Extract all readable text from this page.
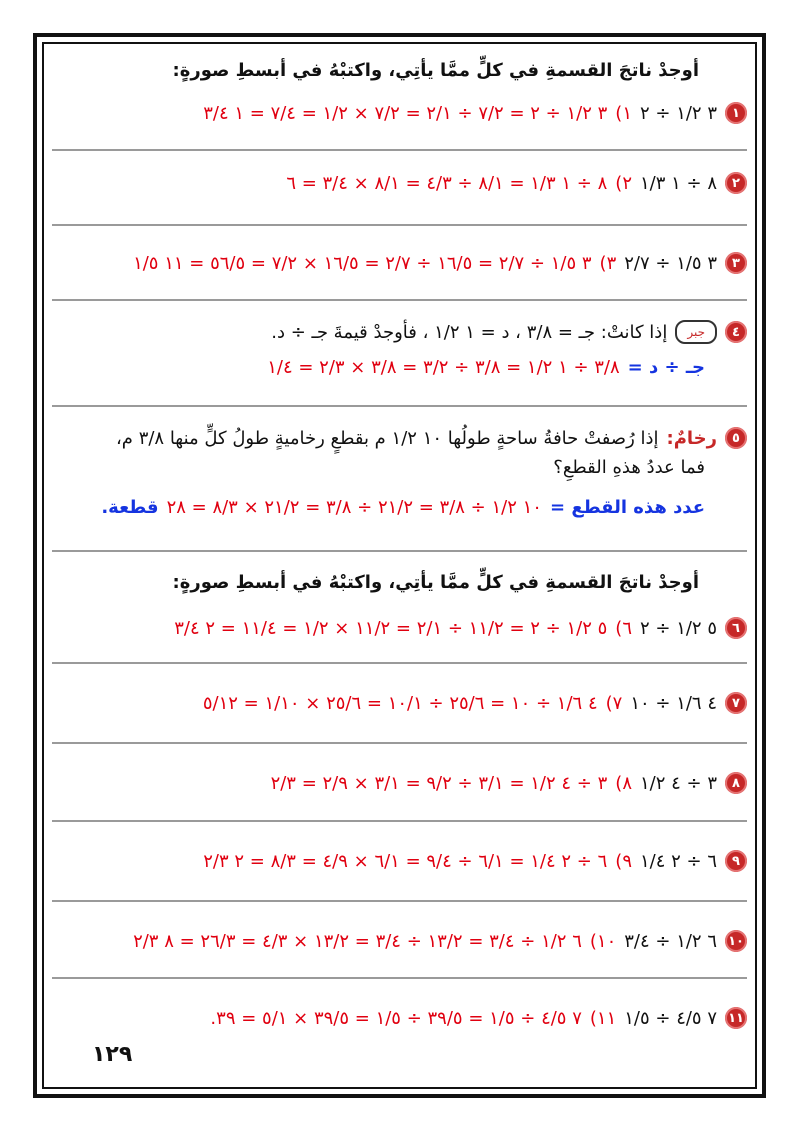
أوجدْ ناتجَ القسمةِ في كلٍّ ممَّا يأتِي، واكتبْهُ في أبسطِ صورةٍ:
١
٣ ١/٢ ÷ ٢
١)
٣ ١/٢ ÷ ٢ = ٧/٢ ÷ ٢/١ = ٧/٢ × ١/٢ = ٧/٤ = ١ ٣/٤
٢
٨ ÷ ١ ١/٣
٢)
٨ ÷ ١ ١/٣ = ٨/١ ÷ ٤/٣ = ٨/١ × ٣/٤ = ٦
٣
٣ ١/٥ ÷ ٢/٧
٣)
٣ ١/٥ ÷ ٢/٧ = ١٦/٥ ÷ ٢/٧ = ١٦/٥ × ٧/٢ = ٥٦/٥ = ١١ ١/٥
٤
جبر
إذا كانتْ: جـ = ٣/٨ ، د = ١ ١/٢ ، فأوجدْ قيمةَ جـ ÷ د.
جـ ÷ د =
٣/٨ ÷ ١ ١/٢ = ٣/٨ ÷ ٣/٢ = ٣/٨ × ٢/٣ = ١/٤
٥
رخامٌ:
إذا رُصفتْ حافةُ ساحةٍ طولُها ١٠ ١/٢ م بقطعٍ رخاميةٍ طولُ كلٍّ منها ٣/٨ م،
فما عددُ هذهِ القطعِ؟
عدد هذه القطع =
١٠ ١/٢ ÷ ٣/٨ = ٢١/٢ ÷ ٣/٨ = ٢١/٢ × ٨/٣ = ٢٨
قطعة.
أوجدْ ناتجَ القسمةِ في كلٍّ ممَّا يأتِي، واكتبْهُ في أبسطِ صورةٍ:
٦
٥ ١/٢ ÷ ٢
٦)
٥ ١/٢ ÷ ٢ = ١١/٢ ÷ ٢/١ = ١١/٢ × ١/٢ = ١١/٤ = ٢ ٣/٤
٧
٤ ١/٦ ÷ ١٠
٧)
٤ ١/٦ ÷ ١٠ = ٢٥/٦ ÷ ١٠/١ = ٢٥/٦ × ١/١٠ = ٥/١٢
٨
٣ ÷ ٤ ١/٢
٨)
٣ ÷ ٤ ١/٢ = ٣/١ ÷ ٩/٢ = ٣/١ × ٢/٩ = ٢/٣
٩
٦ ÷ ٢ ١/٤
٩)
٦ ÷ ٢ ١/٤ = ٦/١ ÷ ٩/٤ = ٦/١ × ٤/٩ = ٨/٣ = ٢ ٢/٣
١٠
٦ ١/٢ ÷ ٣/٤
١٠)
٦ ١/٢ ÷ ٣/٤ = ١٣/٢ ÷ ٣/٤ = ١٣/٢ × ٤/٣ = ٢٦/٣ = ٨ ٢/٣
١١
٧ ٤/٥ ÷ ١/٥
١١)
٧ ٤/٥ ÷ ١/٥ = ٣٩/٥ ÷ ١/٥ = ٣٩/٥ × ٥/١ = ٣٩.
١٢٩
